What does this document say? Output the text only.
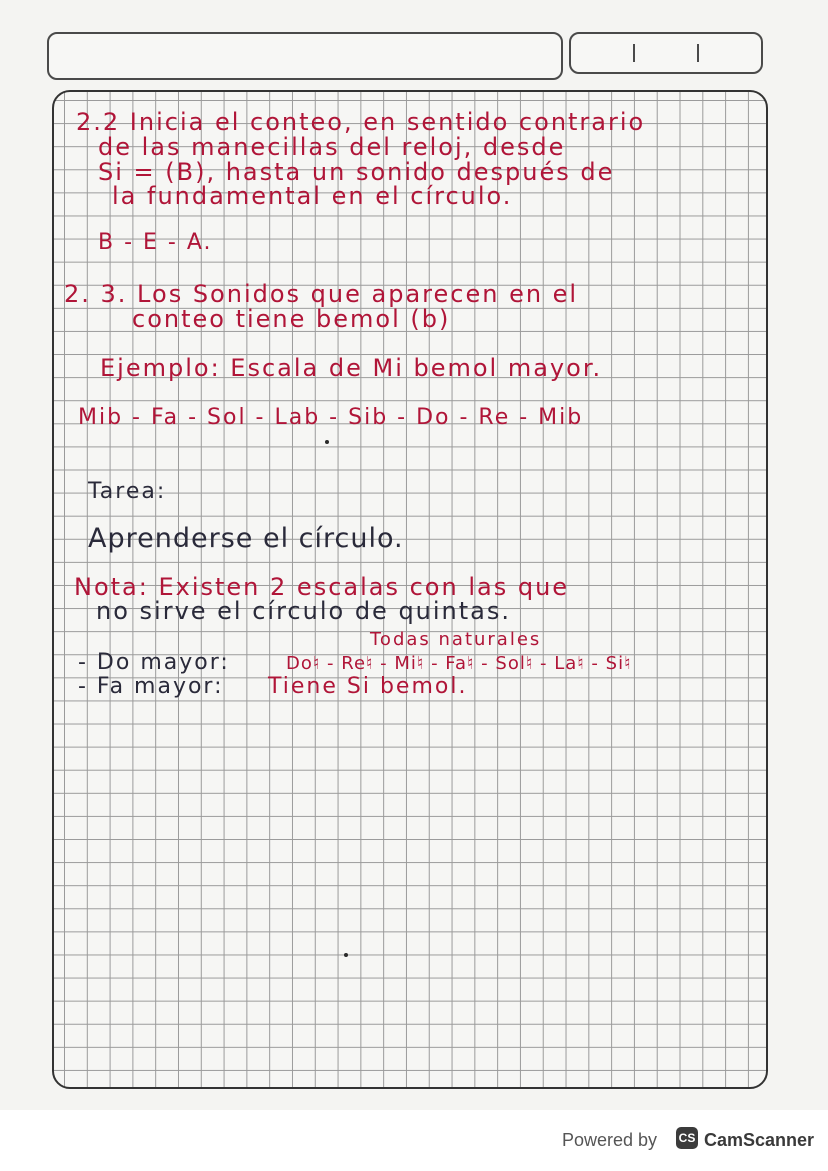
2.2 Inicia el conteo, en sentido contrario
de las manecillas del reloj, desde
Si = (B), hasta un sonido después de
la fundamental en el círculo.
B - E - A.
2. 3. Los Sonidos que aparecen en el
conteo tiene bemol (b)
Ejemplo: Escala de Mi bemol mayor.
Mib - Fa - Sol - Lab - Sib - Do - Re - Mib
Tarea:
Aprenderse el círculo.
Nota: Existen 2 escalas con las que
no sirve el círculo de quintas.
Todas naturales
- Do mayor:	Do♮ - Re♮ - Mi♮ - Fa♮ - Sol♮ - La♮ - Si♮
- Fa mayor: Tiene Si bemol.
Powered by CS CamScanner
